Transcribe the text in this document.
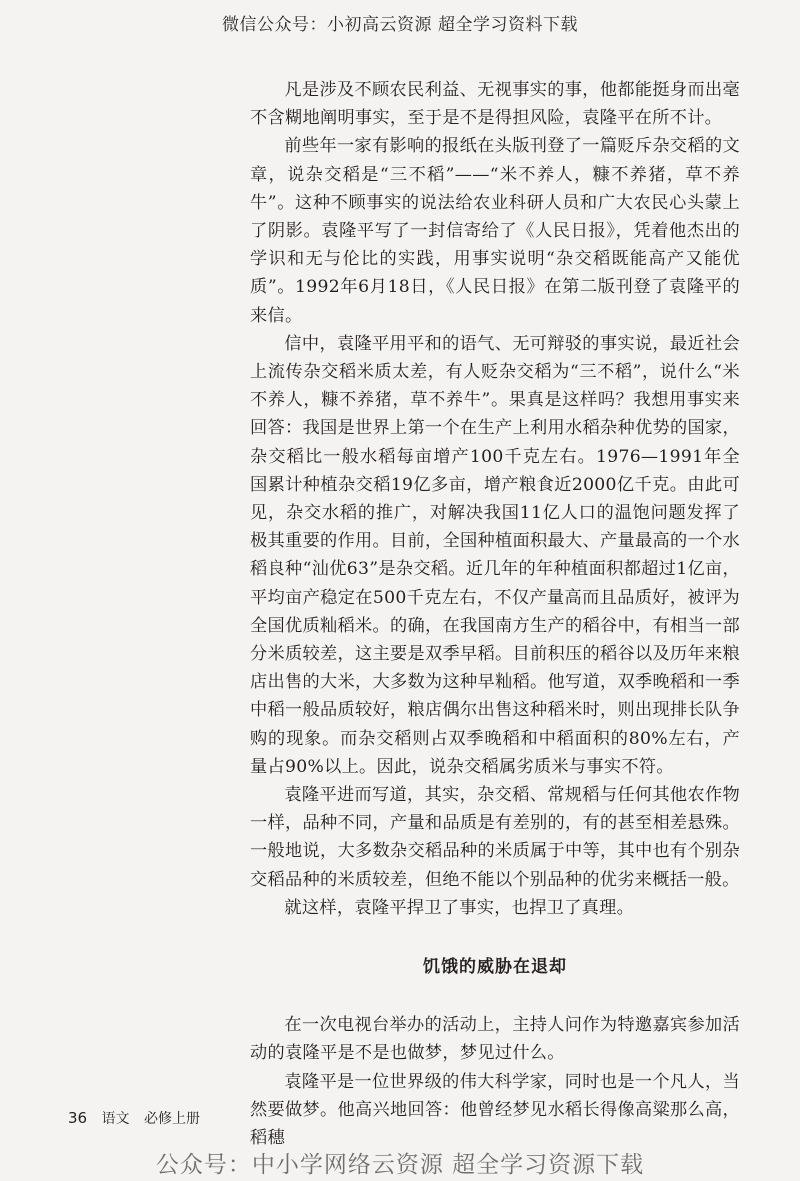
微信公众号：小初高云资源 超全学习资料下载

凡是涉及不顾农民利益、无视事实的事，他都能挺身而出毫不含糊地阐明事实，至于是不是得担风险，袁隆平在所不计。

前些年一家有影响的报纸在头版刊登了一篇贬斥杂交稻的文章，说杂交稻是“三不稻”——“米不养人，糠不养猪，草不养牛”。这种不顾事实的说法给农业科研人员和广大农民心头蒙上了阴影。袁隆平写了一封信寄给了《人民日报》，凭着他杰出的学识和无与伦比的实践，用事实说明“杂交稻既能高产又能优质”。1992年6月18日，《人民日报》在第二版刊登了袁隆平的来信。

信中，袁隆平用平和的语气、无可辩驳的事实说，最近社会上流传杂交稻米质太差，有人贬杂交稻为“三不稻”，说什么“米不养人，糠不养猪，草不养牛”。果真是这样吗？我想用事实来回答：我国是世界上第一个在生产上利用水稻杂种优势的国家，杂交稻比一般水稻每亩增产100千克左右。1976—1991年全国累计种植杂交稻19亿多亩，增产粮食近2000亿千克。由此可见，杂交水稻的推广，对解决我国11亿人口的温饱问题发挥了极其重要的作用。目前，全国种植面积最大、产量最高的一个水稻良种“汕优63”是杂交稻。近几年的年种植面积都超过1亿亩，平均亩产稳定在500千克左右，不仅产量高而且品质好，被评为全国优质籼稻米。的确，在我国南方生产的稻谷中，有相当一部分米质较差，这主要是双季早稻。目前积压的稻谷以及历年来粮店出售的大米，大多数为这种早籼稻。他写道，双季晚稻和一季中稻一般品质较好，粮店偶尔出售这种稻米时，则出现排长队争购的现象。而杂交稻则占双季晚稻和中稻面积的80%左右，产量占90%以上。因此，说杂交稻属劣质米与事实不符。

袁隆平进而写道，其实，杂交稻、常规稻与任何其他农作物一样，品种不同，产量和品质是有差别的，有的甚至相差悬殊。一般地说，大多数杂交稻品种的米质属于中等，其中也有个别杂交稻品种的米质较差，但绝不能以个别品种的优劣来概括一般。

就这样，袁隆平捍卫了事实，也捍卫了真理。

饥饿的威胁在退却

在一次电视台举办的活动上，主持人问作为特邀嘉宾参加活动的袁隆平是不是也做梦，梦见过什么。

袁隆平是一位世界级的伟大科学家，同时也是一个凡人，当然要做梦。他高兴地回答：他曾经梦见水稻长得像高粱那么高，稻穗

36 语文 必修上册
公众号：中小学网络云资源 超全学习资源下载
